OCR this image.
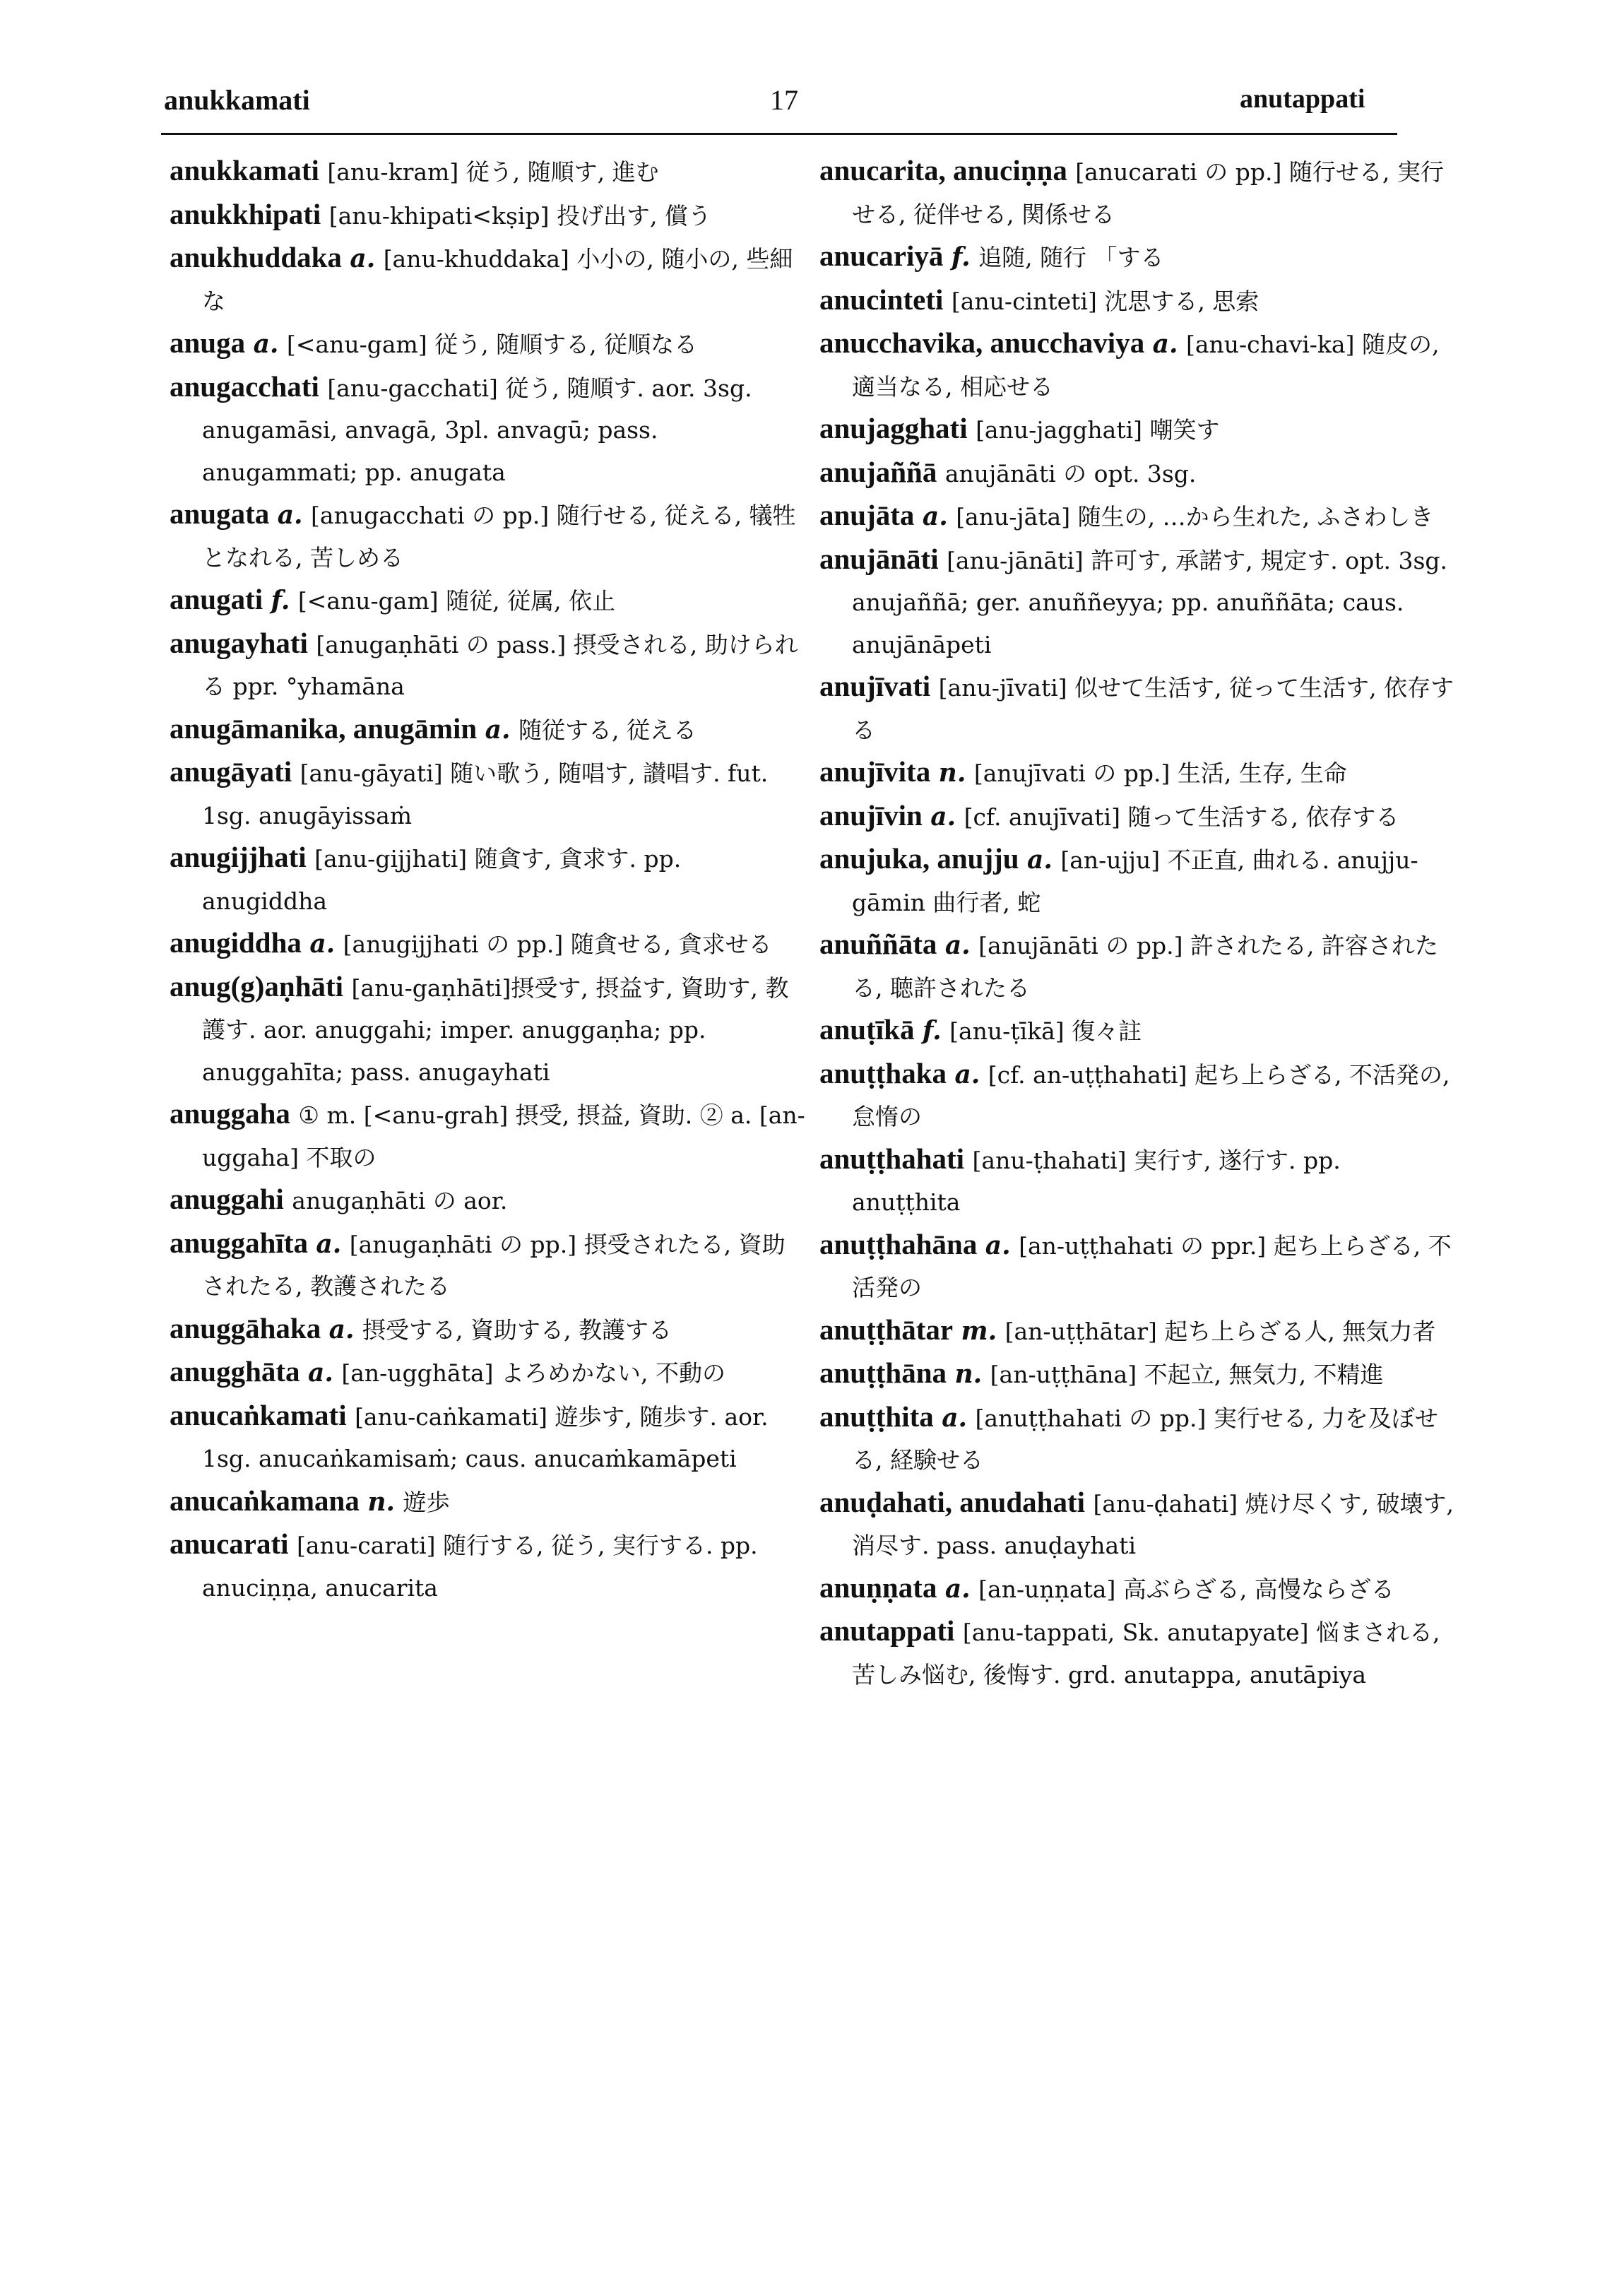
anukkamati	17	anutappati

anukkamati [anu-kram] 従う, 随順す, 進む

anukkhipati [anu-khipati<kṣip] 投げ出す, 償う

anukhuddaka a. [anu-khuddaka] 小小の, 随小の, 些細な

anuga a. [<anu-gam] 従う, 随順する, 従順なる

anugacchati [anu-gacchati] 従う, 随順す. aor. 3sg. anugamāsi, anvagā, 3pl. anvagū; pass. anugammati; pp. anugata

anugata a. [anugacchati の pp.] 随行せる, 従える, 犠牲となれる, 苦しめる

anugati f. [<anu-gam] 随従, 従属, 依止

anugayhati [anugaṇhāti の pass.] 摂受される, 助けられる ppr. °yhamāna

anugāmanika, anugāmin a. 随従する, 従える

anugāyati [anu-gāyati] 随い歌う, 随唱す, 讃唱す. fut. 1sg. anugāyissaṁ

anugijjhati [anu-gijjhati] 随貪す, 貪求す. pp. anugiddha

anugiddha a. [anugijjhati の pp.] 随貪せる, 貪求せる

anug(g)aṇhāti [anu-gaṇhāti]摂受す, 摂益す, 資助す, 教護す. aor. anuggahi; imper. anuggaṇha; pp. anuggahīta; pass. anugayhati

anuggaha ① m. [<anu-grah] 摂受, 摂益, 資助. ② a. [an-uggaha] 不取の

anuggahi anugaṇhāti の aor.

anuggahīta a. [anugaṇhāti の pp.] 摂受されたる, 資助されたる, 教護されたる

anuggāhaka a. 摂受する, 資助する, 教護する

anugghāta a. [an-ugghāta] よろめかない, 不動の

anucaṅkamati [anu-caṅkamati] 遊歩す, 随歩す. aor. 1sg. anucaṅkamisaṁ; caus. anucaṁkamāpeti

anucaṅkamana n. 遊歩

anucarati [anu-carati] 随行する, 従う, 実行する. pp. anuciṇṇa, anucarita

anucarita, anuciṇṇa [anucarati の pp.] 随行せる, 実行せる, 従伴せる, 関係せる

anucariyā f. 追随, 随行 「する

anucinteti [anu-cinteti] 沈思する, 思索

anucchavika, anucchaviya a. [anu-chavi-ka] 随皮の, 適当なる, 相応せる

anujagghati [anu-jagghati] 嘲笑す

anujaññā anujānāti の opt. 3sg.

anujāta a. [anu-jāta] 随生の, …から生れた, ふさわしき

anujānāti [anu-jānāti] 許可す, 承諾す, 規定す. opt. 3sg. anujaññā; ger. anuññeyya; pp. anuññāta; caus. anujānāpeti

anujīvati [anu-jīvati] 似せて生活す, 従って生活す, 依存する

anujīvita n. [anujīvati の pp.] 生活, 生存, 生命

anujīvin a. [cf. anujīvati] 随って生活する, 依存する

anujuka, anujju a. [an-ujju] 不正直, 曲れる. anujju-gāmin 曲行者, 蛇

anuññāta a. [anujānāti の pp.] 許されたる, 許容されたる, 聴許されたる

anuṭīkā f. [anu-ṭīkā] 復々註

anuṭṭhaka a. [cf. an-uṭṭhahati] 起ち上らざる, 不活発の, 怠惰の

anuṭṭhahati [anu-ṭhahati] 実行す, 遂行す. pp. anuṭṭhita

anuṭṭhahāna a. [an-uṭṭhahati の ppr.] 起ち上らざる, 不活発の

anuṭṭhātar m. [an-uṭṭhātar] 起ち上らざる人, 無気力者

anuṭṭhāna n. [an-uṭṭhāna] 不起立, 無気力, 不精進

anuṭṭhita a. [anuṭṭhahati の pp.] 実行せる, 力を及ぼせる, 経験せる

anuḍahati, anudahati [anu-ḍahati] 焼け尽くす, 破壊す, 消尽す. pass. anuḍayhati

anuṇṇata a. [an-uṇṇata] 高ぶらざる, 高慢ならざる

anutappati [anu-tappati, Sk. anutapyate] 悩まされる, 苦しみ悩む, 後悔す. grd. anutappa, anutāpiya
